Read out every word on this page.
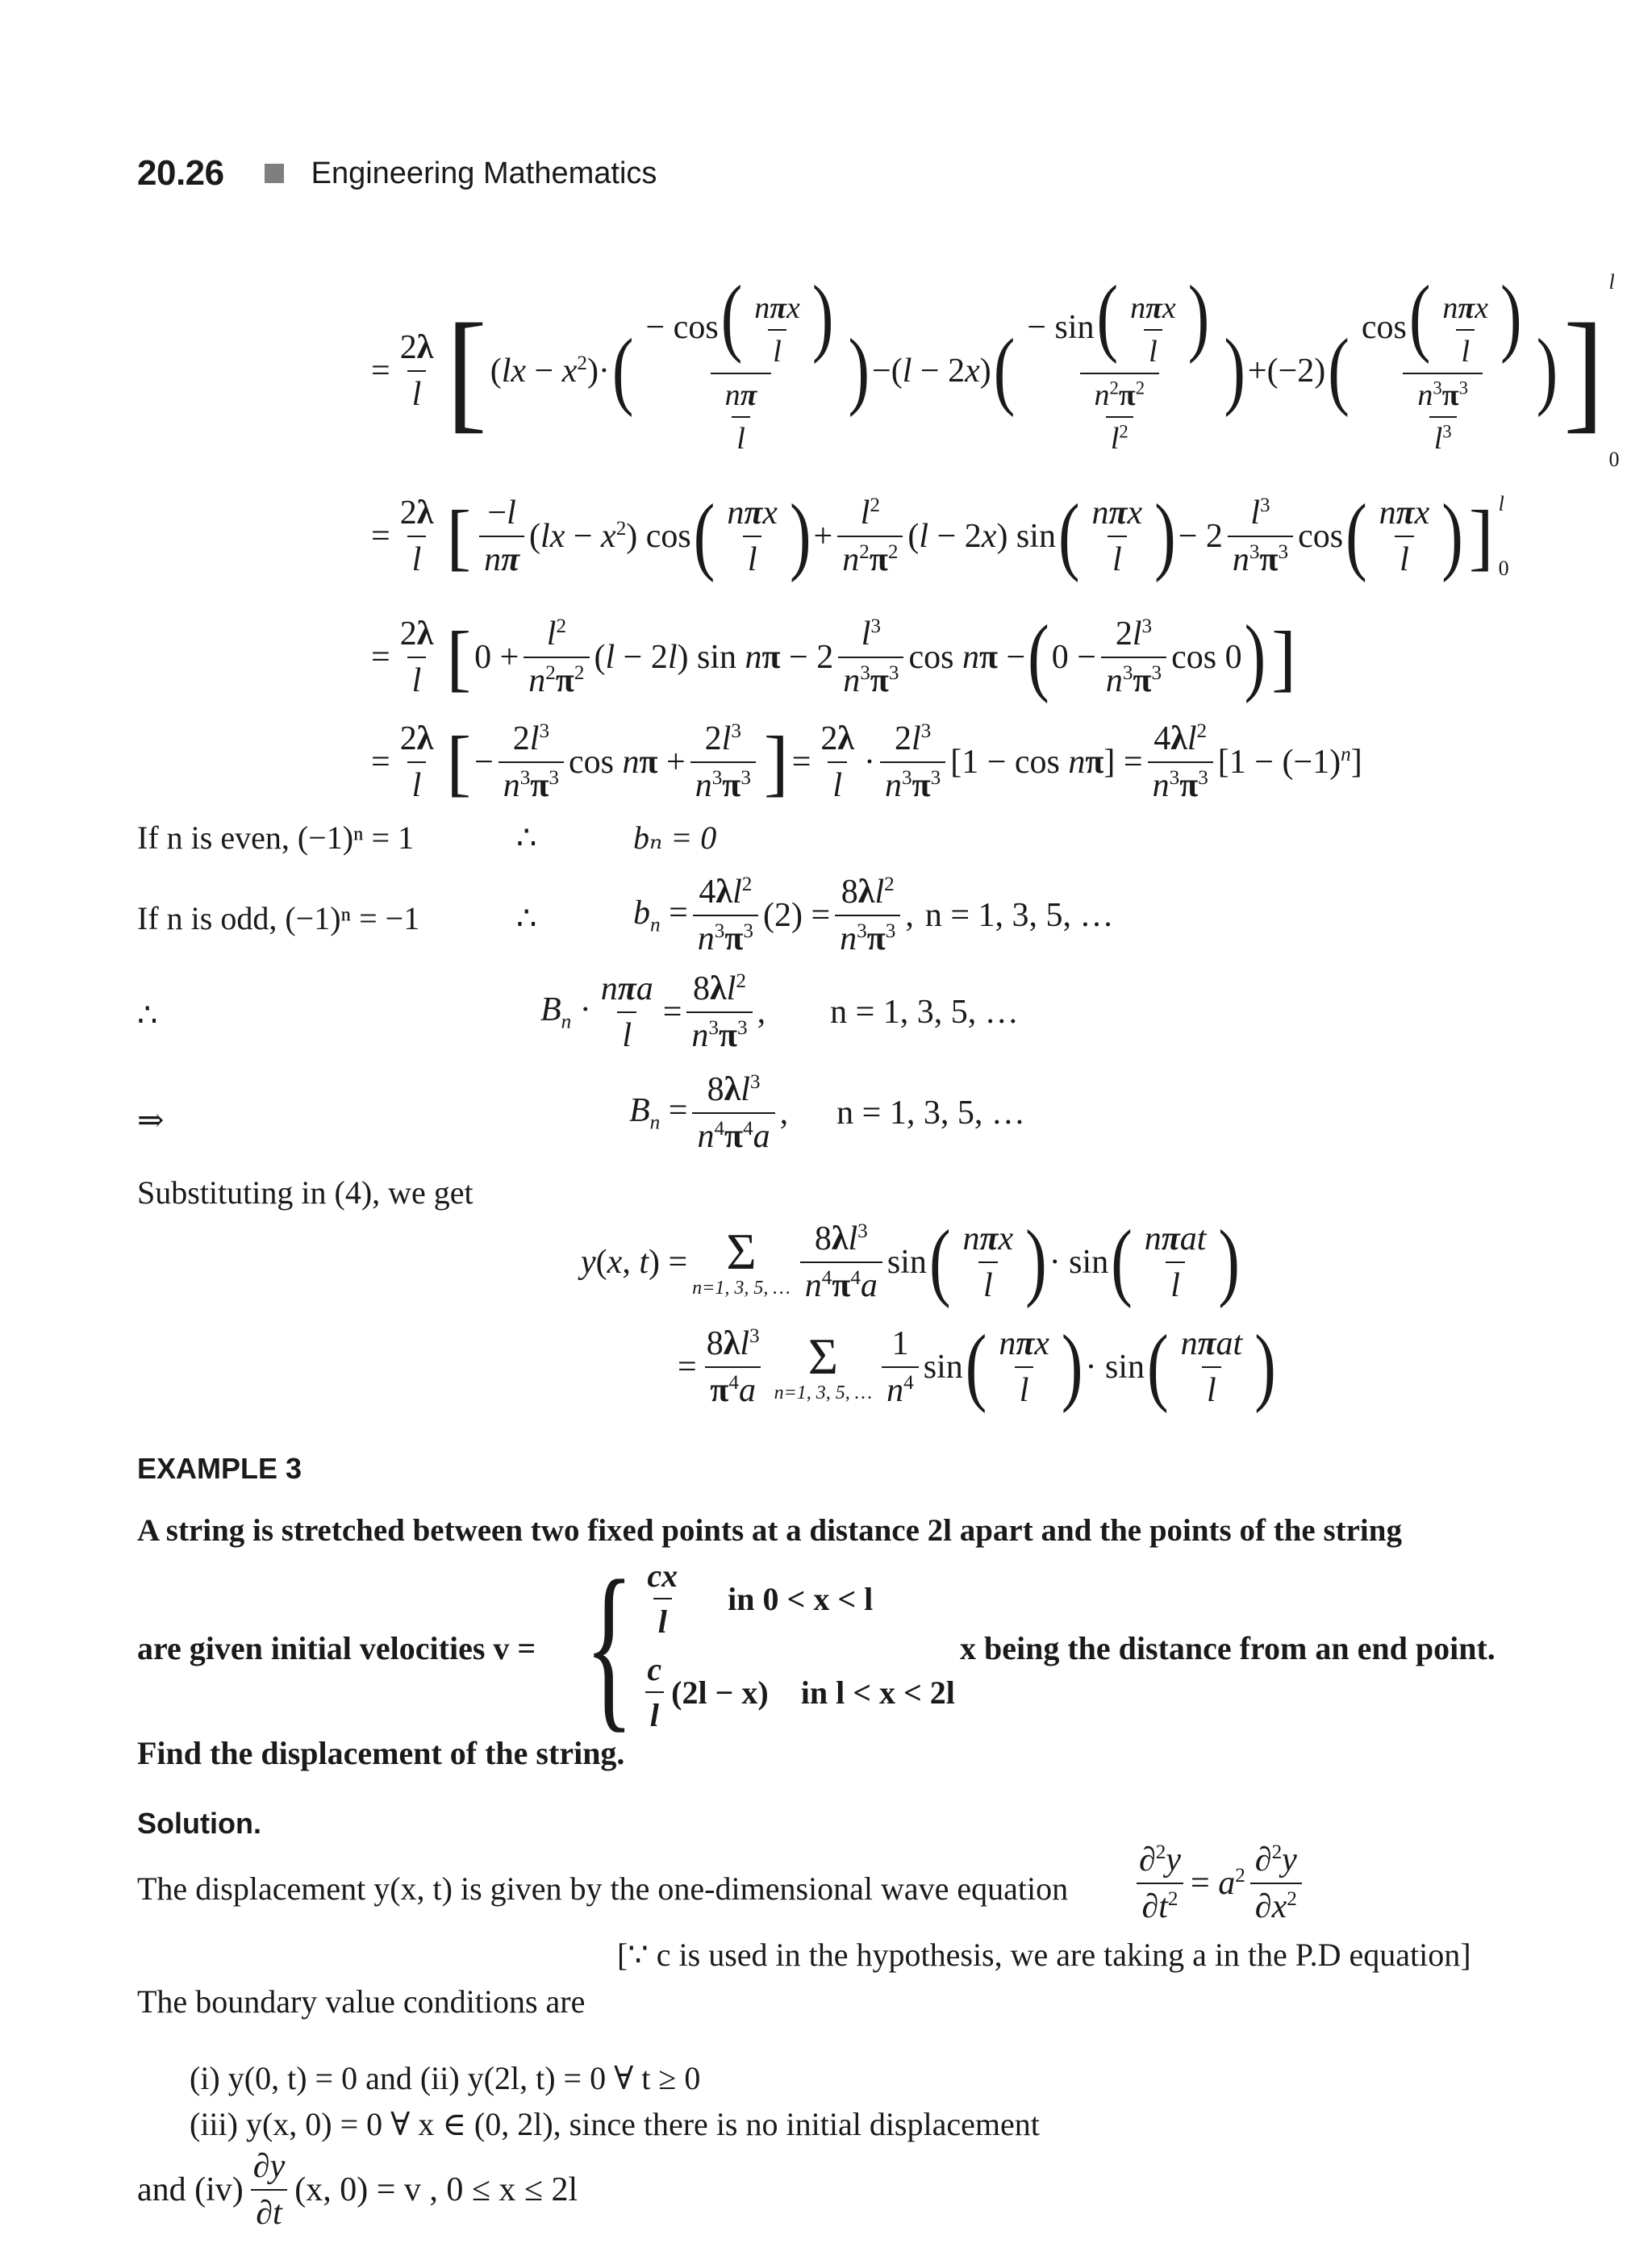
20.26	Engineering Mathematics
= $\frac{2\lambda}{l}$ [ $(lx - x^2)\cdot$ ( $\frac{- \cos( \frac{\text{nπx}}{l} )}{\frac{n\pi}{l}}$ ) −(l − 2x) ( $\frac{- \sin( \frac{\text{nπx}}{l} )}{\frac{n^2\pi^2}{l^2}}$ ) +(−2) ( $\frac{\cos( \frac{\text{nπx}}{l} )}{\frac{n^3\pi^3}{l^3}}$ ) ]
l
0
= $\frac{2\lambda}{l}$ [ $\frac{-l}{n\pi} (lx - x^2)$ cos ( $\frac{\text{nπx}}{l}$ ) + $\frac{l^2}{n^2\pi^2} (l - 2x)$ sin ( $\frac{\text{nπx}}{l}$ ) − $2 \frac{l^3}{n^3\pi^3}$ cos ( $\frac{\text{nπx}}{l}$ ) ] l
0
= $\frac{2\lambda}{l}$ [ $0 + \frac{l^2}{n^2\pi^2} (l - 2l)$ $\sin n\pi - 2 \frac{l^3}{n^3\pi^3}$ cos nπ − ( $0 - \frac{2l^3}{n^3\pi^3}$ cos 0 ) ]
= $\frac{2\lambda}{l}$ [ − $\frac{2l^3}{n^3\pi^3}$ $\cos n\pi + \frac{2l^3}{n^3\pi^3}$ ] = $\frac{2\lambda}{l} \cdot \frac{2l^3}{n^3\pi^3} [1 - \cos n\pi] = \frac{4\lambda l^2}{n^3\pi^3} [1 - (-1)^n]$
If n is even, (−1)ⁿ = 1	∴	bₙ = 0
If n is odd, (−1)ⁿ = −1	∴	$b_n = \frac{4\lambda l^2}{n^3\pi^3} (2) = \frac{8\lambda l^2}{n^3\pi^3}$ , n = 1, 3, 5, …
∴	$B_n \cdot \frac{\text{nπa}}{l} = \frac{8\lambda l^2}{n^3\pi^3}$ , n = 1, 3, 5, …
⇒	$B_n = \frac{8\lambda l^3}{n^4\pi^4a}$ , n = 1, 3, 5, …
Substituting in (4), we get
y(x, t) = Σ
n=1, 3, 5, … $\frac{8\lambda l^3}{n^4\pi^4a}$ sin ( $\frac{\text{nπx}}{l}$ ) · sin ( $\frac{\text{nπat}}{l}$ )
= $\frac{8\lambda l^3}{\pi^4a}$ Σ
n=1, 3, 5, … $\frac{1}{n^4}$ sin ( $\frac{\text{nπx}}{l}$ ) · sin ( $\frac{\text{nπat}}{l}$ )
EXAMPLE 3
A string is stretched between two fixed points at a distance 2l apart and the points of the string
are given initial velocities v = { $\frac{cx}{l}$ in 0 < x < l
$\frac{c}{l} (2l - x)$ in l < x < 2l
x being the distance from an end point.
Find the displacement of the string.
Solution.
The displacement y(x, t) is given by the one-dimensional wave equation $\frac{\partial^2y}{\partial t^2} = a^2 \frac{\partial^2y}{\partial x^2}$
[∵ c is used in the hypothesis, we are taking a in the P.D equation]
The boundary value conditions are
(i) y(0, t) = 0 and (ii) y(2l, t) = 0 ∀ t ≥ 0
(iii) y(x, 0) = 0 ∀ x ∈ (0, 2l), since there is no initial displacement
and $(iv) \frac{\partial y}{\partial t} (x$, 0) = v , 0 ≤ x ≤ 2l
